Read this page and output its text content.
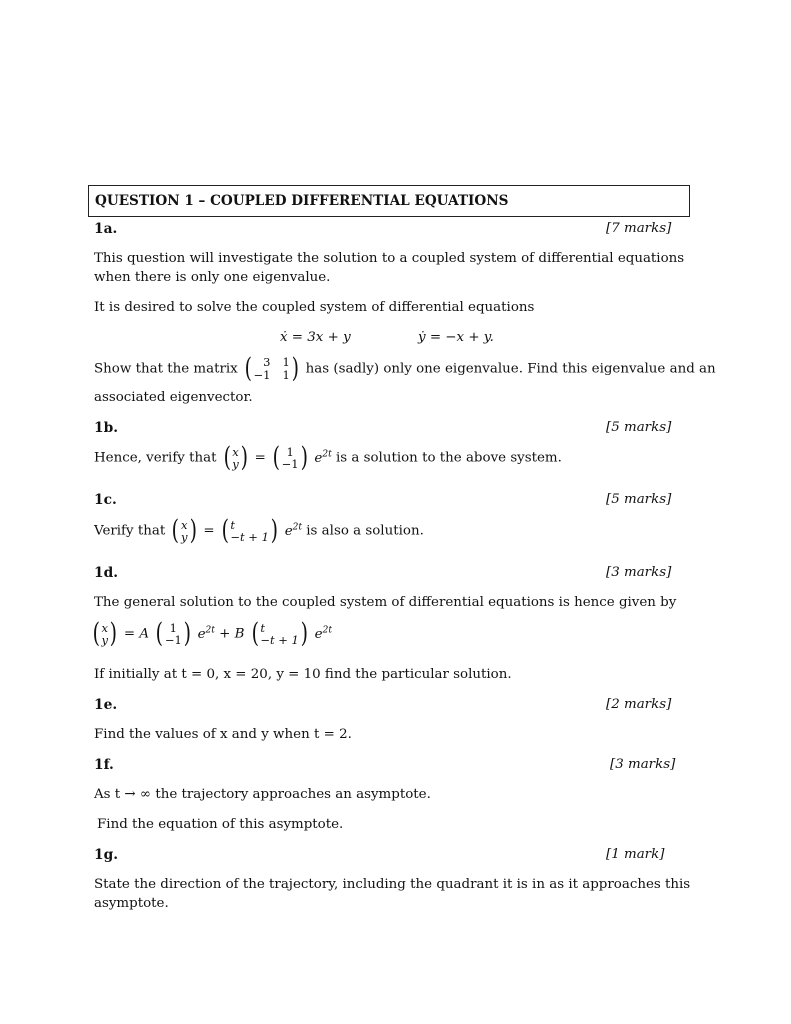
QUESTION 1 – COUPLED DIFFERENTIAL EQUATIONS
1a.	[7 marks]
This question will investigate the solution to a coupled system of differential equations
when there is only one eigenvalue.
It is desired to solve the coupled system of differential equations
ẋ = 3x + y	ẏ = −x + y.
Show that the matrix ( 3 1
−1 1 ) has (sadly) only one eigenvalue. Find this eigenvalue and an
associated eigenvector.
1b.	[5 marks]
Hence, verify that ( x
y ) = ( 1
−1 ) $e^{2t}$ is a solution to the above system.
1c.	[5 marks]
Verify that ( x
y ) = ( t
−t + 1 ) $e^{2t}$ is also a solution.
1d.	[3 marks]
The general solution to the coupled system of differential equations is hence given by
( x
y ) = A ( 1
−1 ) $e^{2t} + B$ ( t
−t + 1 ) $e^{2t}$
If initially at t = 0, x = 20, y = 10 find the particular solution.
1e.	[2 marks]
Find the values of x and y when t = 2.
1f.	[3 marks]
As t → ∞ the trajectory approaches an asymptote.
Find the equation of this asymptote.
1g.	[1 mark]
State the direction of the trajectory, including the quadrant it is in as it approaches this
asymptote.
